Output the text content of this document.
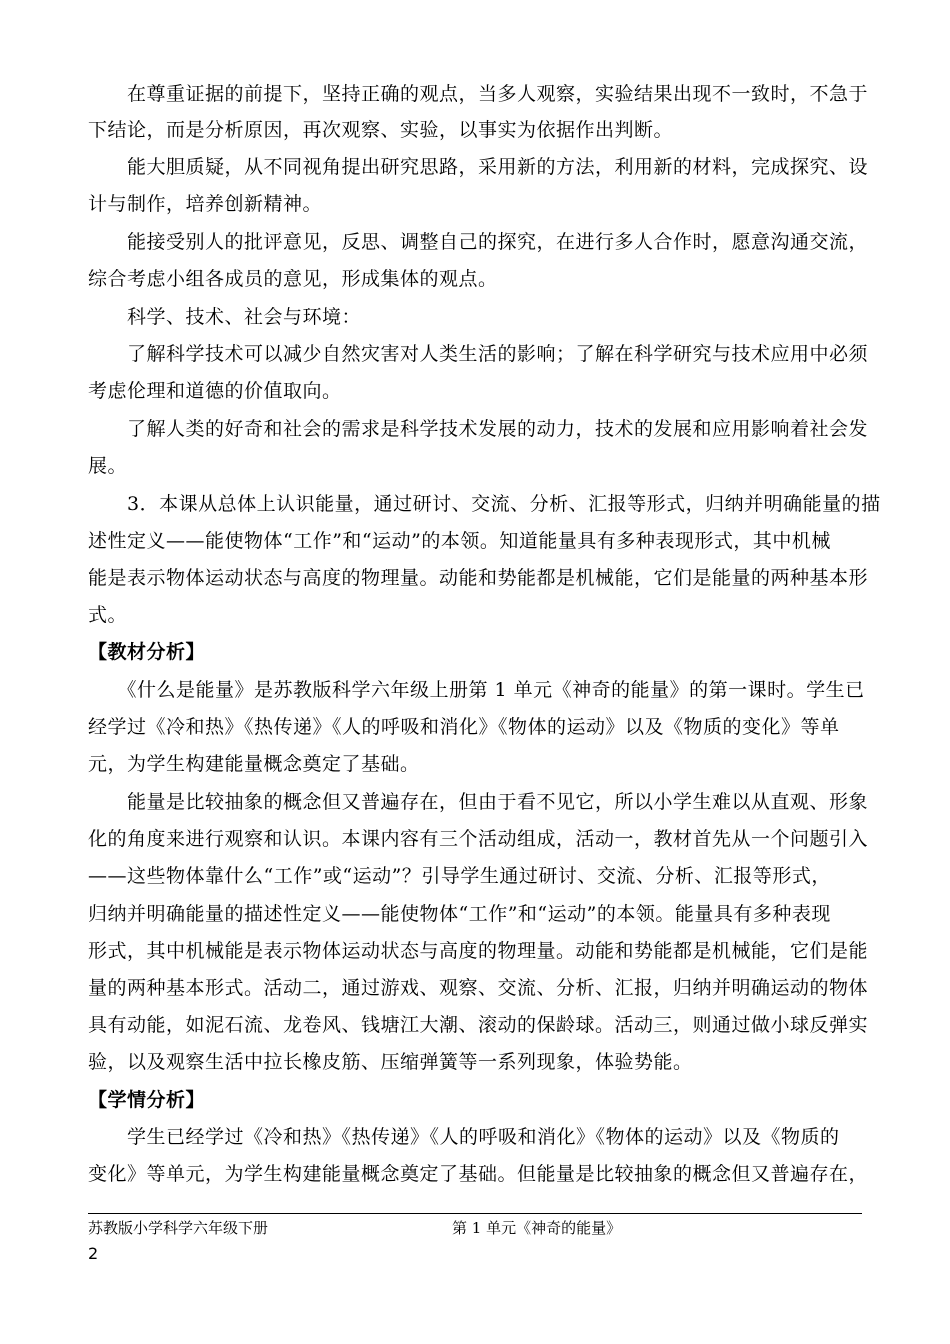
　　在尊重证据的前提下，坚持正确的观点，当多人观察，实验结果出现不一致时，不急于
下结论，而是分析原因，再次观察、实验，以事实为依据作出判断。
　　能大胆质疑，从不同视角提出研究思路，采用新的方法，利用新的材料，完成探究、设
计与制作，培养创新精神。
　　能接受别人的批评意见，反思、调整自己的探究，在进行多人合作时，愿意沟通交流，
综合考虑小组各成员的意见，形成集体的观点。
　　科学、技术、社会与环境：
　　了解科学技术可以减少自然灾害对人类生活的影响；了解在科学研究与技术应用中必须
考虑伦理和道德的价值取向。
　　了解人类的好奇和社会的需求是科学技术发展的动力，技术的发展和应用影响着社会发
展。
　　3．本课从总体上认识能量，通过研讨、交流、分析、汇报等形式，归纳并明确能量的描
述性定义——能使物体“工作”和“运动”的本领。知道能量具有多种表现形式，其中机械
能是表示物体运动状态与高度的物理量。动能和势能都是机械能，它们是能量的两种基本形
式。
【教材分析】
　　《什么是能量》是苏教版科学六年级上册第 1 单元《神奇的能量》的第一课时。学生已
经学过《冷和热》《热传递》《人的呼吸和消化》《物体的运动》以及《物质的变化》等单
元，为学生构建能量概念奠定了基础。
　　能量是比较抽象的概念但又普遍存在，但由于看不见它，所以小学生难以从直观、形象
化的角度来进行观察和认识。本课内容有三个活动组成，活动一，教材首先从一个问题引入
——这些物体靠什么“工作”或“运动”？引导学生通过研讨、交流、分析、汇报等形式，
归纳并明确能量的描述性定义——能使物体“工作”和“运动”的本领。能量具有多种表现
形式，其中机械能是表示物体运动状态与高度的物理量。动能和势能都是机械能，它们是能
量的两种基本形式。活动二，通过游戏、观察、交流、分析、汇报，归纳并明确运动的物体
具有动能，如泥石流、龙卷风、钱塘江大潮、滚动的保龄球。活动三，则通过做小球反弹实
验，以及观察生活中拉长橡皮筋、压缩弹簧等一系列现象，体验势能。
【学情分析】
　　学生已经学过《冷和热》《热传递》《人的呼吸和消化》《物体的运动》以及《物质的
变化》等单元，为学生构建能量概念奠定了基础。但能量是比较抽象的概念但又普遍存在，
苏教版小学科学六年级下册	第 1 单元《神奇的能量》
2
